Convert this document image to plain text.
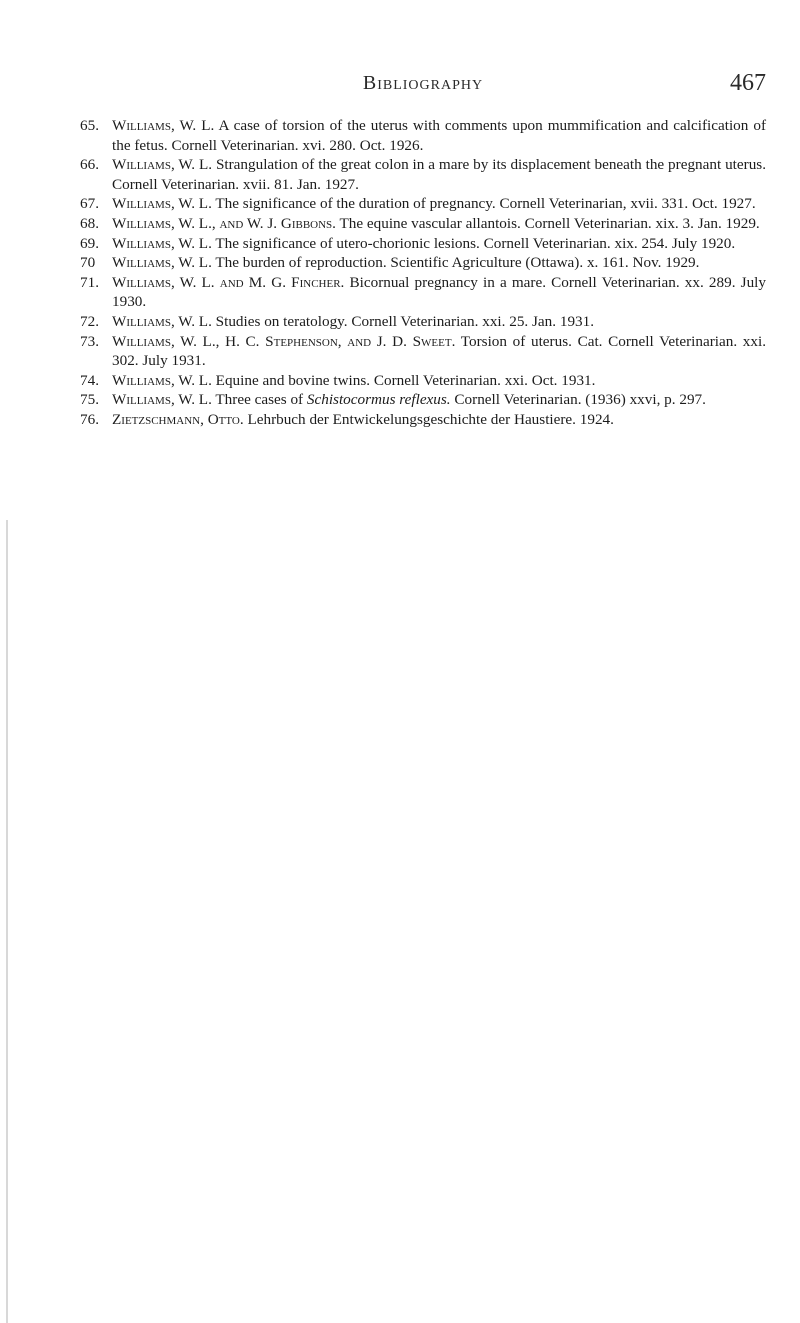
Bibliography	467
65. Williams, W. L. A case of torsion of the uterus with comments upon mummification and calcification of the fetus. Cornell Veterinarian. xvi. 280. Oct. 1926.
66. Williams, W. L. Strangulation of the great colon in a mare by its displacement beneath the pregnant uterus. Cornell Veterinarian. xvii. 81. Jan. 1927.
67. Williams, W. L. The significance of the duration of pregnancy. Cornell Veterinarian, xvii. 331. Oct. 1927.
68. Williams, W. L., and W. J. Gibbons. The equine vascular allantois. Cornell Veterinarian. xix. 3. Jan. 1929.
69. Williams, W. L. The significance of utero-chorionic lesions. Cornell Veterinarian. xix. 254. July 1920.
70	Williams, W. L. The burden of reproduction. Scientific Agriculture (Ottawa). x. 161. Nov. 1929.
71. Williams, W. L. and M. G. Fincher. Bicornual pregnancy in a mare. Cornell Veterinarian. xx. 289. July 1930.
72. Williams, W. L. Studies on teratology. Cornell Veterinarian. xxi. 25. Jan. 1931.
73. Williams, W. L., H. C. Stephenson, and J. D. Sweet. Torsion of uterus. Cat. Cornell Veterinarian. xxi. 302. July 1931.
74. Williams, W. L. Equine and bovine twins. Cornell Veterinarian. xxi. Oct. 1931.
75. Williams, W. L. Three cases of Schistocormus reflexus. Cornell Veterinarian. (1936) xxvi, p. 297.
76. Zietzschmann, Otto. Lehrbuch der Entwickelungsgeschichte der Haustiere. 1924.
